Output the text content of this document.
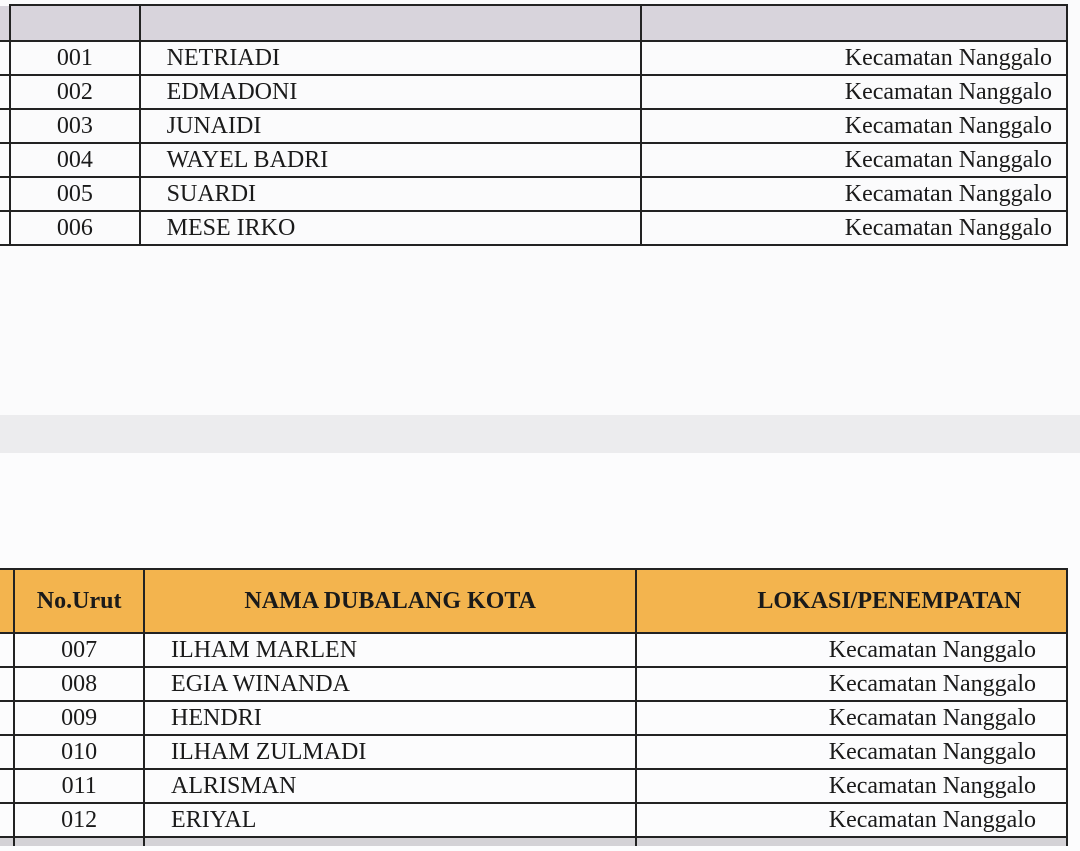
	001	NETRIADI	Kecamatan Nanggalo
	002	EDMADONI	Kecamatan Nanggalo
	003	JUNAIDI	Kecamatan Nanggalo
	004	WAYEL BADRI	Kecamatan Nanggalo
	005	SUARDI	Kecamatan Nanggalo
	006	MESE IRKO	Kecamatan Nanggalo
	No.Urut	NAMA DUBALANG KOTA	LOKASI/PENEMPATAN
	007	ILHAM MARLEN	Kecamatan Nanggalo
	008	EGIA WINANDA	Kecamatan Nanggalo
	009	HENDRI	Kecamatan Nanggalo
	010	ILHAM ZULMADI	Kecamatan Nanggalo
	011	ALRISMAN	Kecamatan Nanggalo
	012	ERIYAL	Kecamatan Nanggalo
